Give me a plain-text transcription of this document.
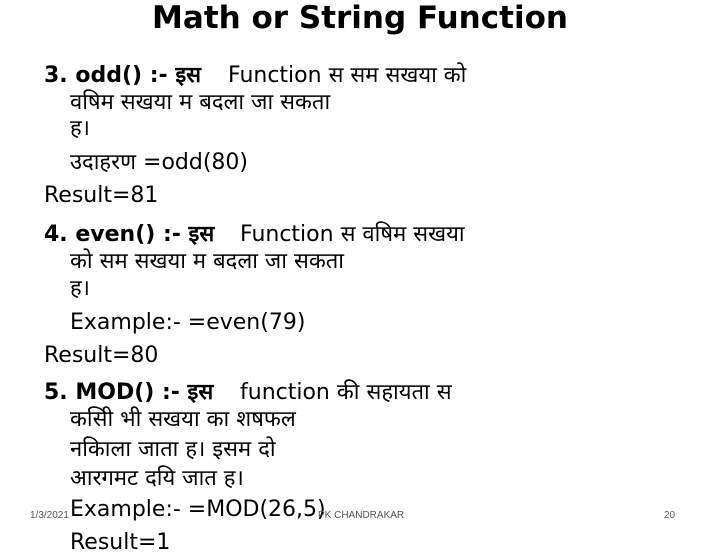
Math or String Function
3. odd() :- इस Function स सम सखया को
वषिम सखया म बदला जा सकता
ह।
उदाहरण =odd(80)
Result=81
4. even() :- इस Function स वषिम सखया
को सम सखया म बदला जा सकता
ह।
Example:- =even(79)
Result=80
5. MOD() :- इस function की सहायता स
कसिी भी सखया का शषफल
नकिाला जाता ह। इसम दो
आरगमट दयि जात ह।
Example:- =MOD(26,5)
Result=1
1/3/2021	PK CHANDRAKAR	20
